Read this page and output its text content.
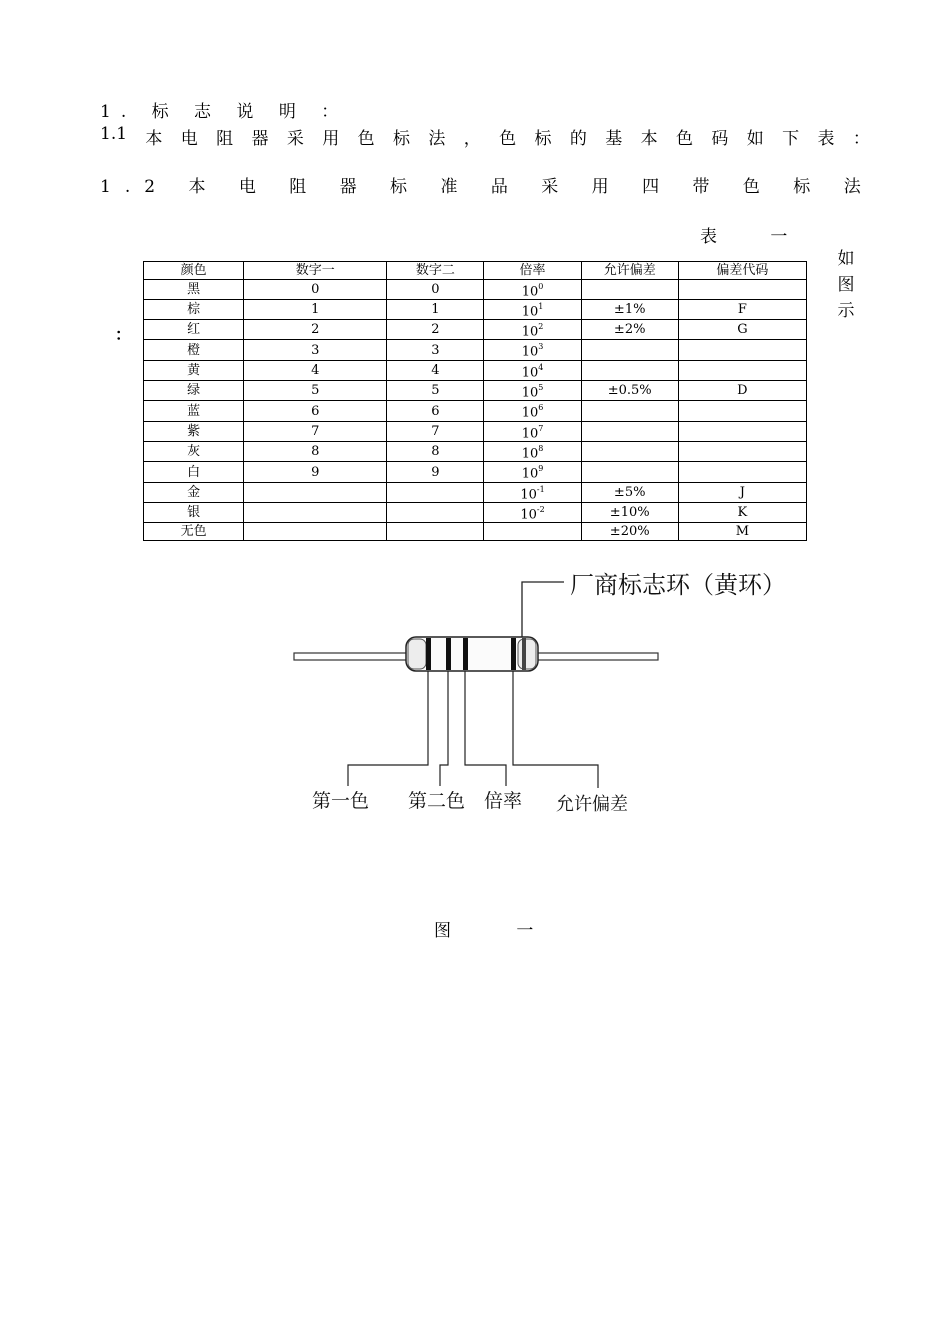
1. 标 志 说 明 ：
1.1 本 电 阻 器 采 用 色 标 法 ， 色 标 的 基 本 色 码 如 下 表 ：
1.2 本 电 阻 器 标 准 品 采 用 四 带 色 标 法
表 一
如
图
示
：
颜色	数字一	数字二	倍率	允许偏差	偏差代码
黑	0	0	$10^0$		
棕	1	1	$10^1$	±1%	F
红	2	2	$10^2$	±2%	G
橙	3	3	$10^3$		
黄	4	4	$10^4$		
绿	5	5	$10^5$	±0.5%	D
蓝	6	6	$10^6$		
紫	7	7	$10^7$		
灰	8	8	$10^8$		
白	9	9	$10^9$		
金			$10^{-1}$	±5%	J
银			$10^{-2}$	±10%	K
无色				±20%	M
厂商标志环（黄环）
第一色 第二色 倍率 允许偏差
图 一
